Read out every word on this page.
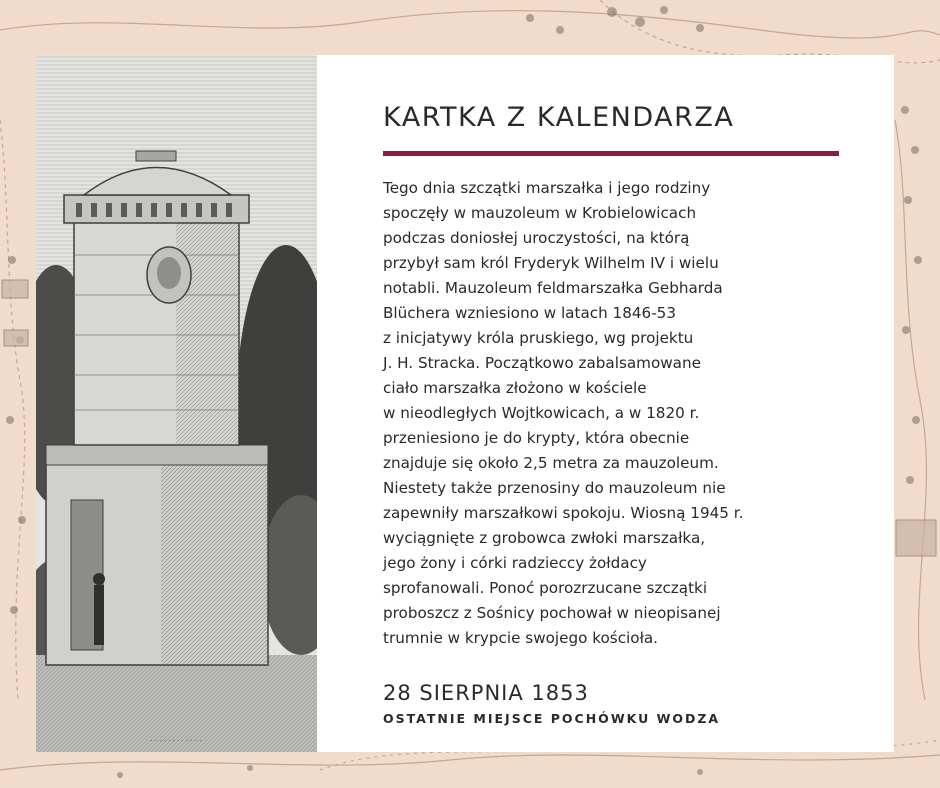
· · · · · · · · · · · ·
KARTKA Z KALENDARZA

Tego dnia szczątki marszałka i jego rodziny
spoczęły w mauzoleum w Krobielowicach
podczas doniosłej uroczystości, na którą
przybył sam król Fryderyk Wilhelm IV i wielu
notabli. Mauzoleum feldmarszałka Gebharda
Blüchera wzniesiono w latach 1846-53
z inicjatywy króla pruskiego, wg projektu
J. H. Stracka. Początkowo zabalsamowane
ciało marszałka złożono w kościele
w nieodległych Wojtkowicach, a w 1820 r.
przeniesiono je do krypty, która obecnie
znajduje się około 2,5 metra za mauzoleum.
Niestety także przenosiny do mauzoleum nie
zapewniły marszałkowi spokoju. Wiosną 1945 r.
wyciągnięte z grobowca zwłoki marszałka,
jego żony i córki radzieccy żołdacy
sprofanowali. Ponoć porozrzucane szczątki
proboszcz z Sośnicy pochował w nieopisanej
trumnie w krypcie swojego kościoła.

28 SIERPNIA 1853
OSTATNIE MIEJSCE POCHÓWKU WODZA
